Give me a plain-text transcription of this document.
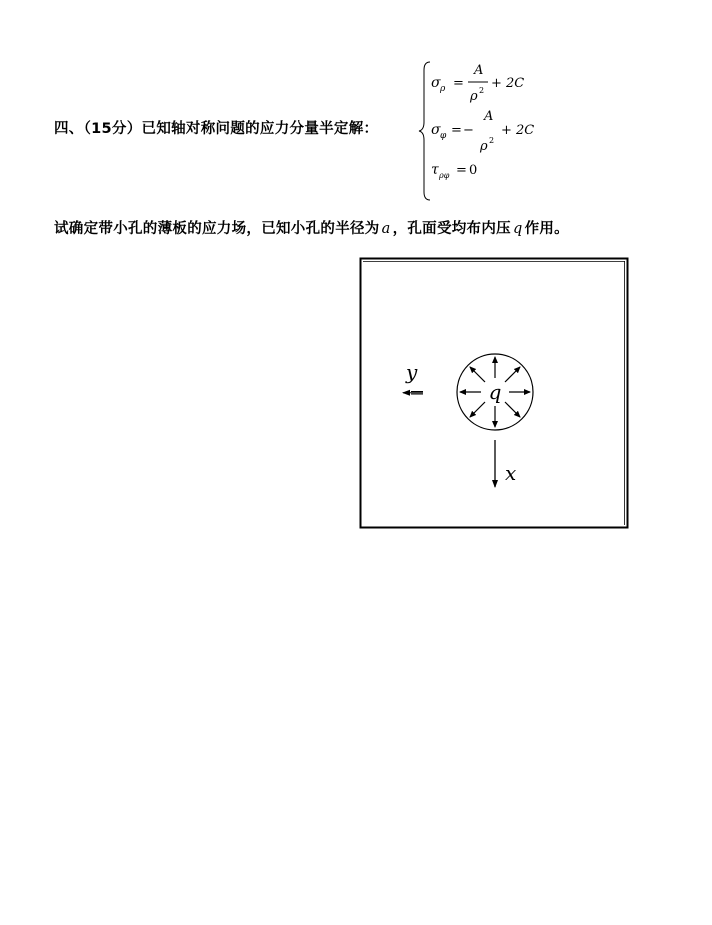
四、（15分）已知轴对称问题的应力分量半定解：
σ ρ =
A
ρ 2 + 2C
σ φ = −
A
ρ 2
+ 2C
τ ρφ = 0
试确定带小孔的薄板的应力场，已知小孔的半径为 a ，孔面受均布内压 q 作用。
q
y
x
